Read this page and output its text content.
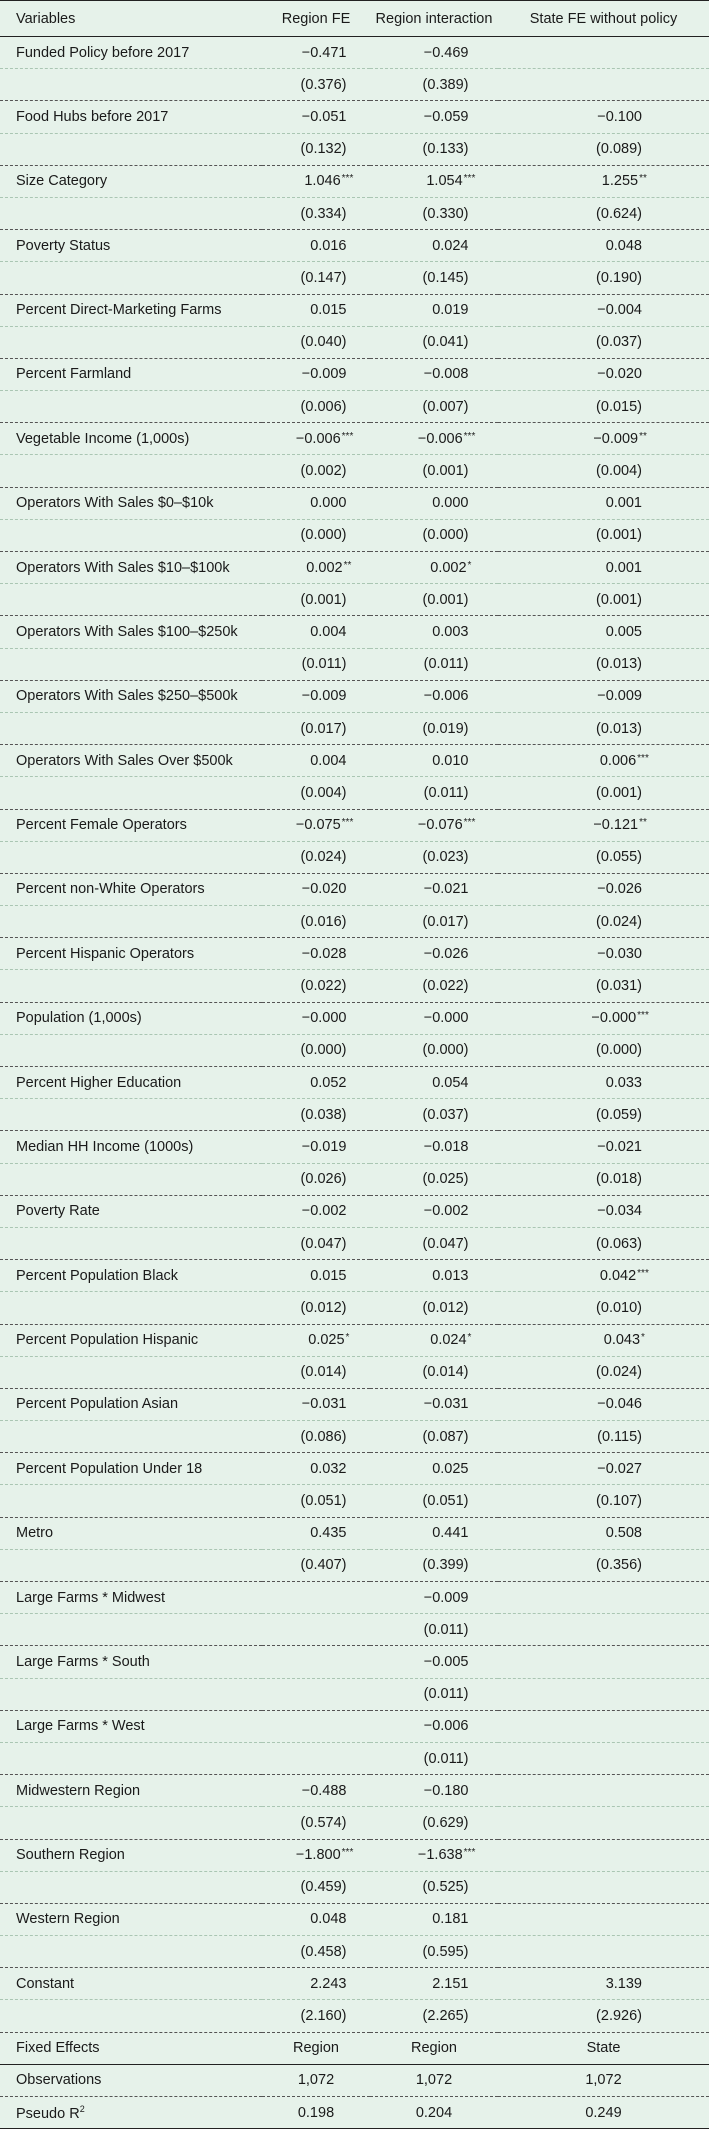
Variables	Region FE	Region interaction	State FE without policy
Funded Policy before 2017	−0.471	−0.469	
	(0.376)	(0.389)	
Food Hubs before 2017	−0.051	−0.059	−0.100
	(0.132)	(0.133)	(0.089)
Size Category	1.046***	1.054***	1.255**
	(0.334)	(0.330)	(0.624)
Poverty Status	0.016	0.024	0.048
	(0.147)	(0.145)	(0.190)
Percent Direct-Marketing Farms	0.015	0.019	−0.004
	(0.040)	(0.041)	(0.037)
Percent Farmland	−0.009	−0.008	−0.020
	(0.006)	(0.007)	(0.015)
Vegetable Income (1,000s)	−0.006***	−0.006***	−0.009**
	(0.002)	(0.001)	(0.004)
Operators With Sales $0–$10k	0.000	0.000	0.001
	(0.000)	(0.000)	(0.001)
Operators With Sales $10–$100k	0.002**	0.002*	0.001
	(0.001)	(0.001)	(0.001)
Operators With Sales $100–$250k	0.004	0.003	0.005
	(0.011)	(0.011)	(0.013)
Operators With Sales $250–$500k	−0.009	−0.006	−0.009
	(0.017)	(0.019)	(0.013)
Operators With Sales Over $500k	0.004	0.010	0.006***
	(0.004)	(0.011)	(0.001)
Percent Female Operators	−0.075***	−0.076***	−0.121**
	(0.024)	(0.023)	(0.055)
Percent non-White Operators	−0.020	−0.021	−0.026
	(0.016)	(0.017)	(0.024)
Percent Hispanic Operators	−0.028	−0.026	−0.030
	(0.022)	(0.022)	(0.031)
Population (1,000s)	−0.000	−0.000	−0.000***
	(0.000)	(0.000)	(0.000)
Percent Higher Education	0.052	0.054	0.033
	(0.038)	(0.037)	(0.059)
Median HH Income (1000s)	−0.019	−0.018	−0.021
	(0.026)	(0.025)	(0.018)
Poverty Rate	−0.002	−0.002	−0.034
	(0.047)	(0.047)	(0.063)
Percent Population Black	0.015	0.013	0.042***
	(0.012)	(0.012)	(0.010)
Percent Population Hispanic	0.025*	0.024*	0.043*
	(0.014)	(0.014)	(0.024)
Percent Population Asian	−0.031	−0.031	−0.046
	(0.086)	(0.087)	(0.115)
Percent Population Under 18	0.032	0.025	−0.027
	(0.051)	(0.051)	(0.107)
Metro	0.435	0.441	0.508
	(0.407)	(0.399)	(0.356)
Large Farms * Midwest		−0.009	
		(0.011)	
Large Farms * South		−0.005	
		(0.011)	
Large Farms * West		−0.006	
		(0.011)	
Midwestern Region	−0.488	−0.180	
	(0.574)	(0.629)	
Southern Region	−1.800***	−1.638***	
	(0.459)	(0.525)	
Western Region	0.048	0.181	
	(0.458)	(0.595)	
Constant	2.243	2.151	3.139
	(2.160)	(2.265)	(2.926)
Fixed Effects	Region	Region	State
Observations	1,072	1,072	1,072
Pseudo $R^2$	0.198	0.204	0.249
